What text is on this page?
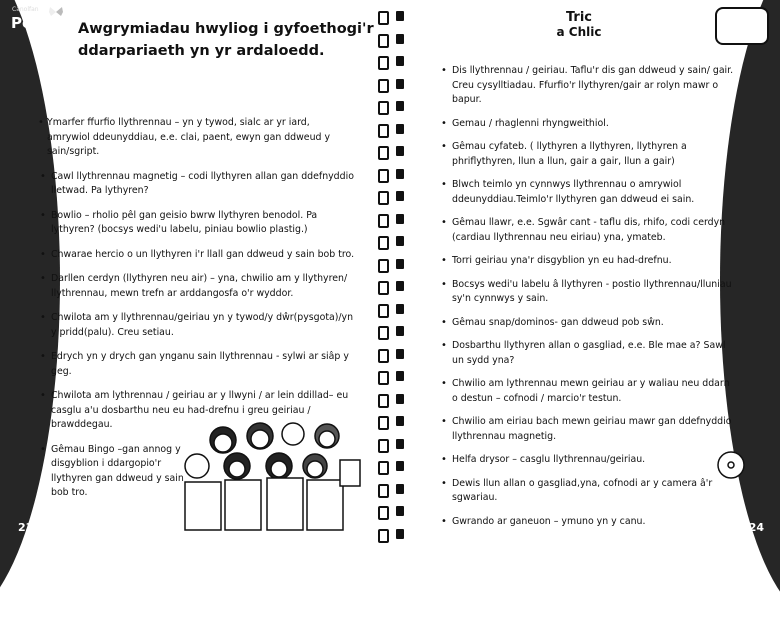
Canolfan
Peniarth
Awgrymiadau hwyliog i gyfoethogi'r ddarpariaeth yn yr ardaloedd.
• Ymarfer ffurfio llythrennau – yn y tywod, sialc ar yr iard, amrywiol ddeunyddiau, e.e. clai, paent, ewyn gan ddweud y sain/sgript.
• Cawl llythrennau magnetig – codi llythyren allan gan ddefnyddio lletwad. Pa lythyren?
• Bowlio – rholio pêl gan geisio bwrw llythyren benodol. Pa lythyren? (bocsys wedi'u labelu, piniau bowlio plastig.)
• Chwarae hercio o un llythyren i'r llall gan ddweud y sain bob tro.
• Darllen cerdyn (llythyren neu air) – yna, chwilio am y llythyren/ llythrennau, mewn trefn ar arddangosfa o'r wyddor.
• Chwilota am y llythrennau/geiriau yn y tywod/y dŵr(pysgota)/yn y pridd(palu). Creu setiau.
• Edrych yn y drych gan ynganu sain llythrennau - sylwi ar siâp y geg.
• Chwilota am lythrennau / geiriau ar y llwyni / ar lein ddillad– eu casglu a'u dosbarthu neu eu had-drefnu i greu geiriau / brawddegau.
• Gêmau Bingo –gan annog y disgyblion i ddargopio'r llythyren gan ddweud y sain bob tro.
23
Tric
a Chlic
• Dis llythrennau / geiriau. Taflu'r dis gan ddweud y sain/ gair. Creu cysylltiadau. Ffurfio'r llythyren/gair ar rolyn mawr o bapur.
• Gemau / rhaglenni rhyngweithiol.
• Gêmau cyfateb. ( llythyren a llythyren, llythyren a phriflythyren, llun a llun, gair a gair, llun a gair)
• Blwch teimlo yn cynnwys llythrennau o amrywiol ddeunyddiau.Teimlo'r llythyren gan ddweud ei sain.
• Gêmau llawr, e.e. Sgwâr cant - taflu dis, rhifo, codi cerdyn (cardiau llythrennau neu eiriau) yna, ymateb.
• Torri geiriau yna'r disgyblion yn eu had-drefnu.
• Bocsys wedi'u labelu â llythyren - postio llythrennau/lluniau sy'n cynnwys y sain.
• Gêmau snap/dominos- gan ddweud pob sŵn.
• Dosbarthu llythyren allan o gasgliad, e.e. Ble mae a? Sawl un sydd yna?
• Chwilio am lythrennau mewn geiriau ar y waliau neu ddarn o destun – cofnodi / marcio'r testun.
• Chwilio am eiriau bach mewn geiriau mawr gan ddefnyddio llythrennau magnetig.
• Helfa drysor – casglu llythrennau/geiriau.
• Dewis llun allan o gasgliad,yna, cofnodi ar y camera â'r sgwariau.
• Gwrando ar ganeuon – ymuno yn y canu.	24
